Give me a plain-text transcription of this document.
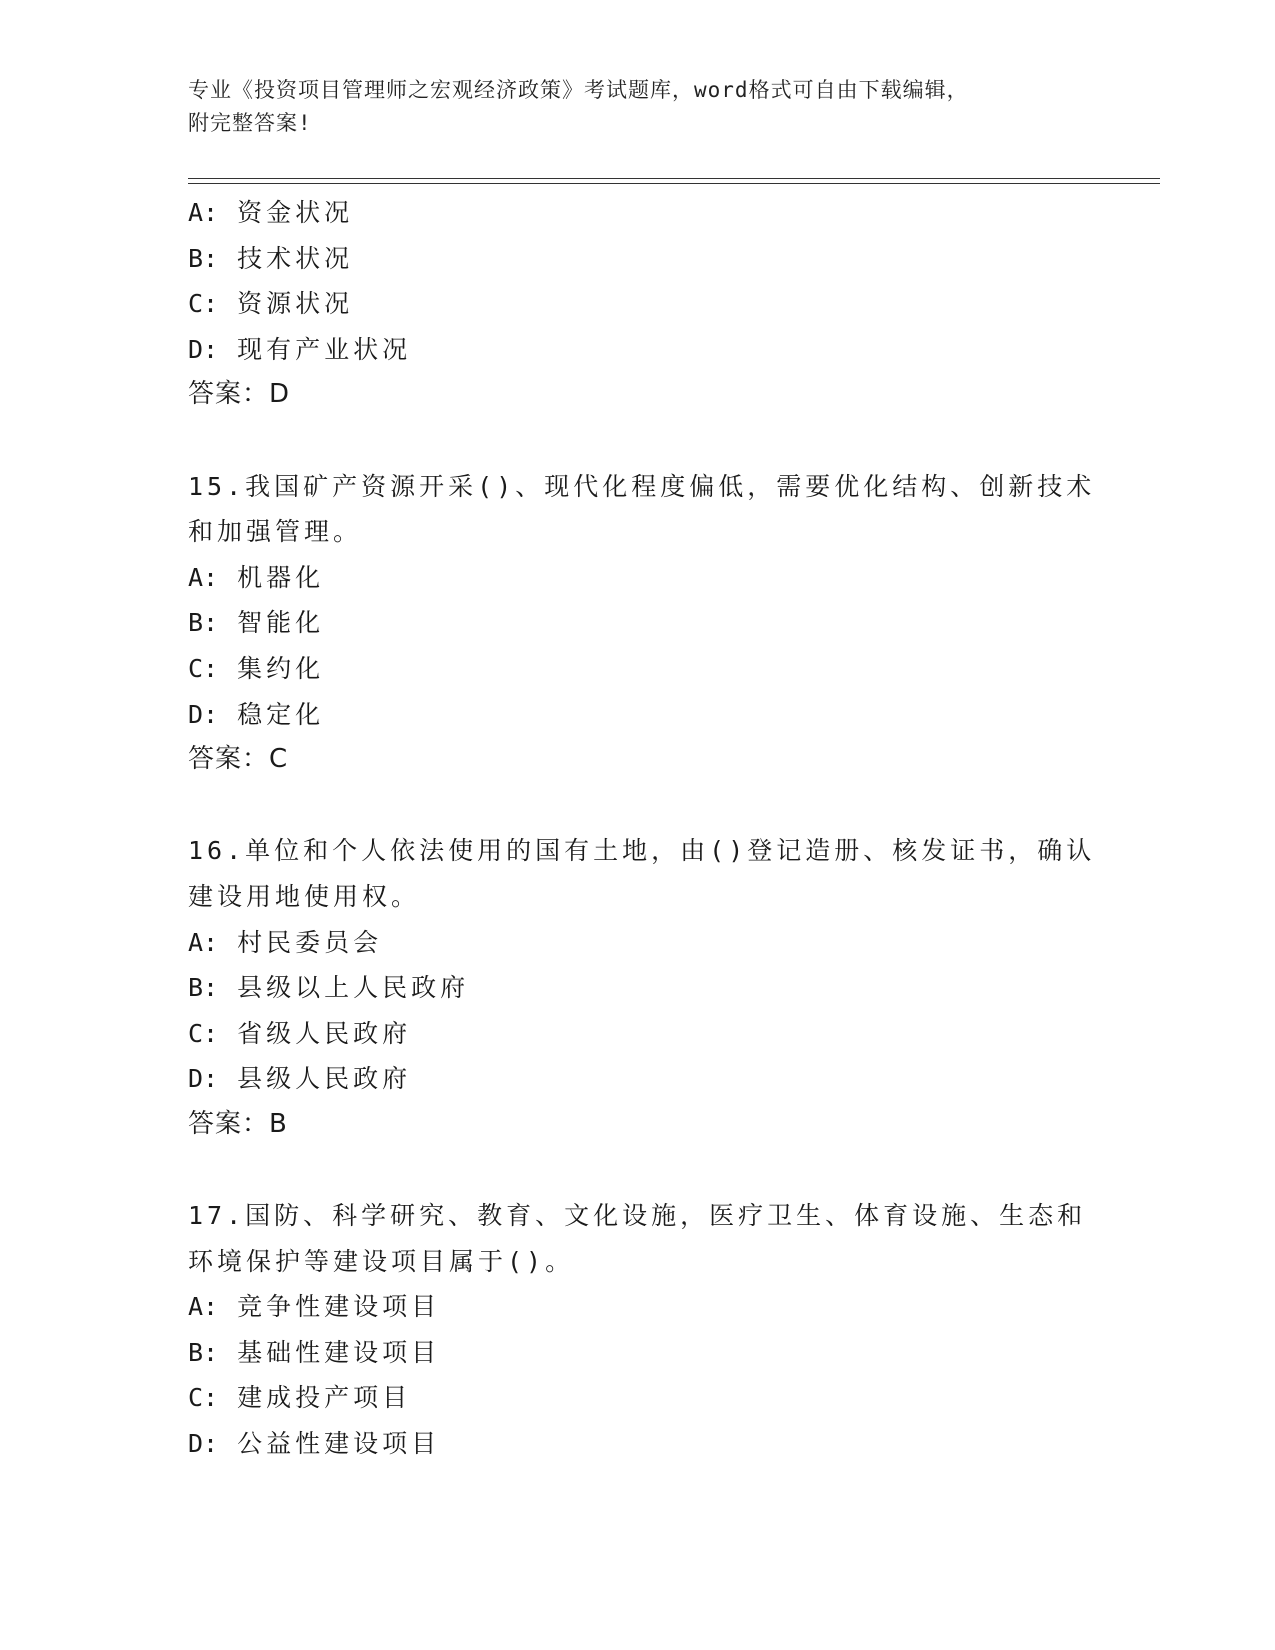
专业《投资项目管理师之宏观经济政策》考试题库，word格式可自由下载编辑，
附完整答案!
A: 资金状况
B: 技术状况
C: 资源状况
D: 现有产业状况
答案：D
15.我国矿产资源开采()、现代化程度偏低，需要优化结构、创新技术
和加强管理。
A: 机器化
B: 智能化
C: 集约化
D: 稳定化
答案：C
16.单位和个人依法使用的国有土地，由()登记造册、核发证书，确认
建设用地使用权。
A: 村民委员会
B: 县级以上人民政府
C: 省级人民政府
D: 县级人民政府
答案：B
17.国防、科学研究、教育、文化设施，医疗卫生、体育设施、生态和
环境保护等建设项目属于()。
A: 竞争性建设项目
B: 基础性建设项目
C: 建成投产项目
D: 公益性建设项目
